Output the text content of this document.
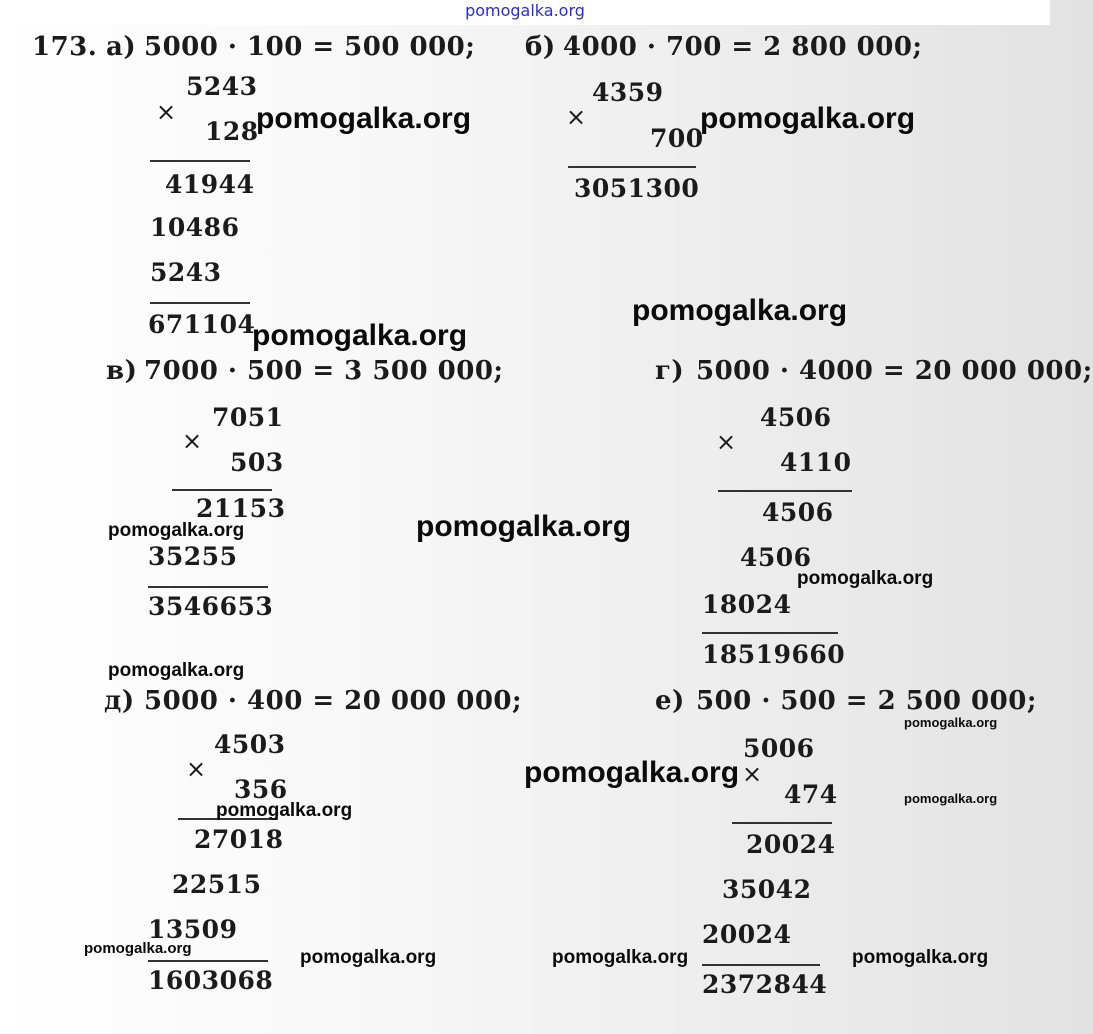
pomogalka.org
173. а) 5000 · 100 = 500 000;
5243
×
128
41944
10486
5243
671104
б) 4000 · 700 = 2 800 000;
4359
×
700
3051300
в) 7000 · 500 = 3 500 000;
7051
×
503
21153
35255
3546653
г) 5000 · 4000 = 20 000 000;
4506
×
4110
4506
4506
18024
18519660
д) 5000 · 400 = 20 000 000;
4503
×
356
27018
22515
13509
1603068
е) 500 · 500 = 2 500 000;
5006
×
474
20024
35042
20024
2372844
pomogalka.org	pomogalka.org
pomogalka.org
pomogalka.org
pomogalka.org	pomogalka.org
pomogalka.org
pomogalka.org
pomogalka.org
pomogalka.org
pomogalka.org
pomogalka.org
pomogalka.org	pomogalka.org	pomogalka.org
pomogalka.org
